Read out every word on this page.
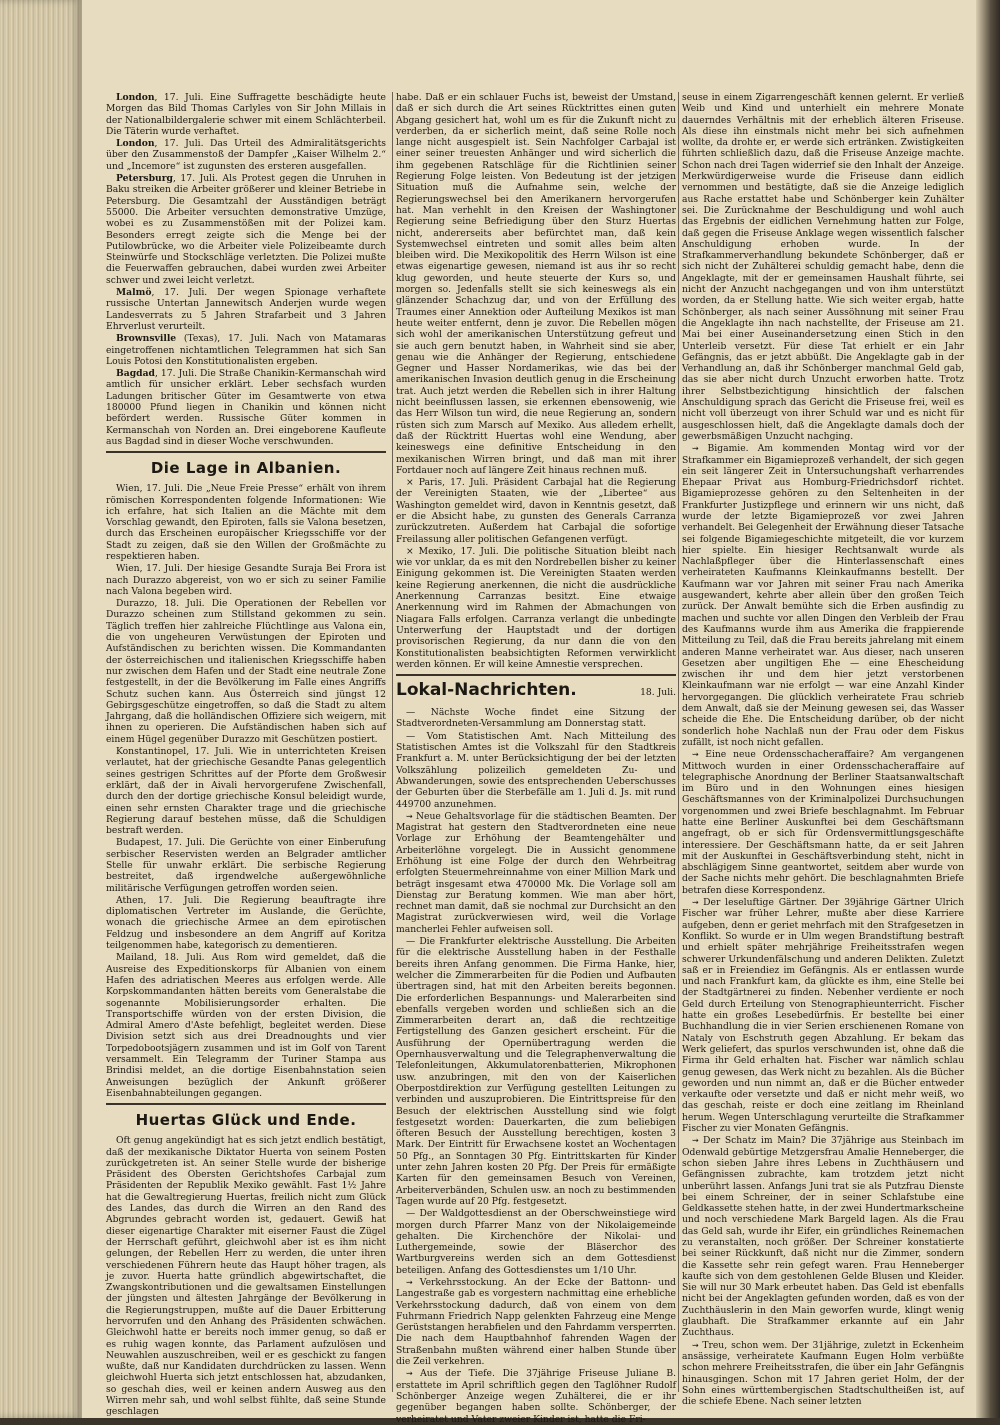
London, 17. Juli. Eine Suffragette beschädigte heute Morgen das Bild Thomas Carlyles von Sir John Millais in der Nationalbildergalerie schwer mit einem Schlächterbeil. Die Täterin wurde verhaftet.

London, 17. Juli. Das Urteil des Admiralitätsgerichts über den Zusammenstoß der Dampfer „Kaiser Wilhelm 2.“ und „Incemore“ ist zugunsten des ersteren ausgefallen.

Petersburg, 17. Juli. Als Protest gegen die Unruhen in Baku streiken die Arbeiter größerer und kleiner Betriebe in Petersburg. Die Gesamtzahl der Ausständigen beträgt 55000. Die Arbeiter versuchten demonstrative Umzüge, wobei es zu Zusammenstößen mit der Polizei kam. Besonders erregt zeigte sich die Menge bei der Putilowbrücke, wo die Arbeiter viele Polizeibeamte durch Steinwürfe und Stockschläge verletzten. Die Polizei mußte die Feuerwaffen gebrauchen, dabei wurden zwei Arbeiter schwer und zwei leicht verletzt.

Malmö, 17. Juli. Der wegen Spionage verhaftete russische Untertan Jannewitsch Anderjen wurde wegen Landesverrats zu 5 Jahren Strafarbeit und 3 Jahren Ehrverlust verurteilt.

Brownsville (Texas), 17. Juli. Nach von Matamaras eingetroffenen nichtamtlichen Telegrammen hat sich San Louis Potosi den Konstitutionalisten ergeben.

Bagdad, 17. Juli. Die Straße Chanikin-Kermanschah wird amtlich für unsicher erklärt. Leber sechsfach wurden Ladungen britischer Güter im Gesamtwerte von etwa 180000 Pfund liegen in Chanikin und können nicht befördert werden. Russische Güter kommen in Kermanschah von Norden an. Drei eingeborene Kaufleute aus Bagdad sind in dieser Woche verschwunden.

Die Lage in Albanien.

Wien, 17. Juli. Die „Neue Freie Presse“ erhält von ihrem römischen Korrespondenten folgende Informationen: Wie ich erfahre, hat sich Italien an die Mächte mit dem Vorschlag gewandt, den Epiroten, falls sie Valona besetzen, durch das Erscheinen europäischer Kriegsschiffe vor der Stadt zu zeigen, daß sie den Willen der Großmächte zu respektieren haben.

Wien, 17. Juli. Der hiesige Gesandte Suraja Bei Frora ist nach Durazzo abgereist, von wo er sich zu seiner Familie nach Valona begeben wird.

Durazzo, 18. Juli. Die Operationen der Rebellen vor Durazzo scheinen zum Stillstand gekommen zu sein. Täglich treffen hier zahlreiche Flüchtlinge aus Valona ein, die von ungeheuren Verwüstungen der Epiroten und Aufständischen zu berichten wissen. Die Kommandanten der österreichischen und italienischen Kriegsschiffe haben nur zwischen dem Hafen und der Stadt eine neutrale Zone festgestellt, in der die Bevölkerung im Falle eines Angriffs Schutz suchen kann. Aus Österreich sind jüngst 12 Gebirgsgeschütze eingetroffen, so daß die Stadt zu altem Jahrgang, daß die holländischen Offiziere sich weigern, mit ihnen zu operieren. Die Aufständischen haben sich auf einem Hügel gegenüber Durazzo mit Geschützen postiert.

Konstantinopel, 17. Juli. Wie in unterrichteten Kreisen verlautet, hat der griechische Gesandte Panas gelegentlich seines gestrigen Schrittes auf der Pforte dem Großwesir erklärt, daß der in Aivali hervorgerufene Zwischenfall, durch den der dortige griechische Konsul beleidigt wurde, einen sehr ernsten Charakter trage und die griechische Regierung darauf bestehen müsse, daß die Schuldigen bestraft werden.

Budapest, 17. Juli. Die Gerüchte von einer Einberufung serbischer Reservisten werden an Belgrader amtlicher Stelle für unwahr erklärt. Die serbische Regierung bestreitet, daß irgendwelche außergewöhnliche militärische Verfügungen getroffen worden seien.

Athen, 17. Juli. Die Regierung beauftragte ihre diplomatischen Vertreter im Auslande, die Gerüchte, wonach die griechische Armee an dem epirotischen Feldzug und insbesondere an dem Angriff auf Koritza teilgenommen habe, kategorisch zu dementieren.

Mailand, 18. Juli. Aus Rom wird gemeldet, daß die Ausreise des Expeditionskorps für Albanien von einem Hafen des adriatischen Meeres aus erfolgen werde. Alle Korpskommandanten hätten bereits vom Generalstabe die sogenannte Mobilisierungsorder erhalten. Die Transportschiffe würden von der ersten Division, die Admiral Amero d'Aste befehligt, begleitet werden. Diese Division setzt sich aus drei Dreadnoughts und vier Torpedobootsjägern zusammen und ist im Golf von Tarent versammelt. Ein Telegramm der Turiner Stampa aus Brindisi meldet, an die dortige Eisenbahnstation seien Anweisungen bezüglich der Ankunft größerer Eisenbahnabteilungen gegangen.

Huertas Glück und Ende.

Oft genug angekündigt hat es sich jetzt endlich bestätigt, daß der mexikanische Diktator Huerta von seinem Posten zurückgetreten ist. An seiner Stelle wurde der bisherige Präsident des Obersten Gerichtshofes Carbajal zum Präsidenten der Republik Mexiko gewählt. Fast 1½ Jahre hat die Gewaltregierung Huertas, freilich nicht zum Glück des Landes, das durch die Wirren an den Rand des Abgrundes gebracht worden ist, gedauert. Gewiß hat dieser eigenartige Charakter mit eiserner Faust die Zügel der Herrschaft geführt, gleichwohl aber ist es ihm nicht gelungen, der Rebellen Herr zu werden, die unter ihren verschiedenen Führern heute das Haupt höher tragen, als je zuvor. Huerta hatte gründlich abgewirtschaftet, die Zwangskontributionen und die gewaltsamen Einstellungen der jüngsten und ältesten Jahrgänge der Bevölkerung in die Regierungstruppen, mußte auf die Dauer Erbitterung hervorrufen und den Anhang des Präsidenten schwächen. Gleichwohl hatte er bereits noch immer genug, so daß er es ruhig wagen konnte, das Parlament aufzulösen und Neuwahlen auszuschreiben, weil er es geschickt zu fangen wußte, daß nur Kandidaten durchdrücken zu lassen. Wenn gleichwohl Huerta sich jetzt entschlossen hat, abzudanken, so geschah dies, weil er keinen andern Ausweg aus den Wirren mehr sah, und wohl selbst fühlte, daß seine Stunde geschlagen

habe. Daß er ein schlauer Fuchs ist, beweist der Umstand, daß er sich durch die Art seines Rücktrittes einen guten Abgang gesichert hat, wohl um es für die Zukunft nicht zu verderben, da er sicherlich meint, daß seine Rolle noch lange nicht ausgespielt ist. Sein Nachfolger Carbajal ist einer seiner treuesten Anhänger und wird sicherlich die ihm gegebenen Ratschläge für die Richtlinien seiner Regierung Folge leisten. Von Bedeutung ist der jetzigen Situation muß die Aufnahme sein, welche der Regierungswechsel bei den Amerikanern hervorgerufen hat. Man verhehlt in den Kreisen der Washingtoner Regierung seine Befriedigung über den Sturz Huertas nicht, andererseits aber befürchtet man, daß kein Systemwechsel eintreten und somit alles beim alten bleiben wird. Die Mexikopolitik des Herrn Wilson ist eine etwas eigenartige gewesen, niemand ist aus ihr so recht klug geworden, und heute steuerte der Kurs so, und morgen so. Jedenfalls stellt sie sich keineswegs als ein glänzender Schachzug dar, und von der Erfüllung des Traumes einer Annektion oder Aufteilung Mexikos ist man heute weiter entfernt, denn je zuvor. Die Rebellen mögen sich wohl der amerikanischen Unterstützung gefreut und sie auch gern benutzt haben, in Wahrheit sind sie aber, genau wie die Anhänger der Regierung, entschiedene Gegner und Hasser Nordamerikas, wie das bei der amerikanischen Invasion deutlich genug in die Erscheinung trat. Auch jetzt werden die Rebellen sich in ihrer Haltung nicht beeinflussen lassen, sie erkennen ebensowenig, wie das Herr Wilson tun wird, die neue Regierung an, sondern rüsten sich zum Marsch auf Mexiko. Aus alledem erhellt, daß der Rücktritt Huertas wohl eine Wendung, aber keineswegs eine definitive Entscheidung in den mexikanischen Wirren bringt, und daß man mit ihrer Fortdauer noch auf längere Zeit hinaus rechnen muß.

× Paris, 17. Juli. Präsident Carbajal hat die Regierung der Vereinigten Staaten, wie der „Libertee“ aus Washington gemeldet wird, davon in Kenntnis gesetzt, daß er die Absicht habe, zu gunsten des Generals Carranza zurückzutreten. Außerdem hat Carbajal die sofortige Freilassung aller politischen Gefangenen verfügt.

× Mexiko, 17. Juli. Die politische Situation bleibt nach wie vor unklar, da es mit den Nordrebellen bisher zu keiner Einigung gekommen ist. Die Vereinigten Staaten werden keine Regierung anerkennen, die nicht die ausdrückliche Anerkennung Carranzas besitzt. Eine etwaige Anerkennung wird im Rahmen der Abmachungen von Niagara Falls erfolgen. Carranza verlangt die unbedingte Unterwerfung der Hauptstadt und der dortigen provisorischen Regierung, da nur dann die von den Konstitutionalisten beabsichtigten Reformen verwirklicht werden können. Er will keine Amnestie versprechen.

Lokal-Nachrichten.	18. Juli.

— Nächste Woche findet eine Sitzung der Stadtverordneten-Versammlung am Donnerstag statt.

— Vom Statistischen Amt. Nach Mitteilung des Statistischen Amtes ist die Volkszahl für den Stadtkreis Frankfurt a. M. unter Berücksichtigung der bei der letzten Volkszählung polizeilich gemeldeten Zu- und Abwanderungen, sowie des entsprechenden Ueberschusses der Geburten über die Sterbefälle am 1. Juli d. Js. mit rund 449700 anzunehmen.

⇝ Neue Gehaltsvorlage für die städtischen Beamten. Der Magistrat hat gestern den Stadtverordneten eine neue Vorlage zur Erhöhung der Beamtengehälter und Arbeiterlöhne vorgelegt. Die in Aussicht genommene Erhöhung ist eine Folge der durch den Wehrbeitrag erfolgten Steuermehreinnahme von einer Million Mark und beträgt insgesamt etwa 470000 Mk. Die Vorlage soll am Dienstag zur Beratung kommen. Wie man aber hört, rechnet man damit, daß sie nochmal zur Durchsicht an den Magistrat zurückverwiesen wird, weil die Vorlage mancherlei Fehler aufweisen soll.

— Die Frankfurter elektrische Ausstellung. Die Arbeiten für die elektrische Ausstellung haben in der Festhalle bereits ihren Anfang genommen. Die Firma Hanke, hier, welcher die Zimmerarbeiten für die Podien und Aufbauten übertragen sind, hat mit den Arbeiten bereits begonnen. Die erforderlichen Bespannungs- und Malerarbeiten sind ebenfalls vergeben worden und schließen sich an die Zimmerarbeiten derart an, daß die rechtzeitige Fertigstellung des Ganzen gesichert erscheint. Für die Ausführung der Opernübertragung werden die Opernhausverwaltung und die Telegraphenverwaltung die Telefonleitungen, Akkumulatorenbatterien, Mikrophonen usw. anzubringen, mit den von der Kaiserlichen Oberpostdirektion zur Verfügung gestellten Leitungen zu verbinden und auszuprobieren. Die Eintrittspreise für den Besuch der elektrischen Ausstellung sind wie folgt festgesetzt worden: Dauerkarten, die zum beliebigen öfteren Besuch der Ausstellung berechtigen, kosten 3 Mark. Der Eintritt für Erwachsene kostet an Wochentagen 50 Pfg., an Sonntagen 30 Pfg. Eintrittskarten für Kinder unter zehn Jahren kosten 20 Pfg. Der Preis für ermäßigte Karten für den gemeinsamen Besuch von Vereinen, Arbeiterverbänden, Schulen usw. an noch zu bestimmenden Tagen wurde auf 20 Pfg. festgesetzt.

— Der Waldgottesdienst an der Oberschweinstiege wird morgen durch Pfarrer Manz von der Nikolaigemeinde gehalten. Die Kirchenchöre der Nikolai- und Luthergemeinde, sowie der Bläserchor des Wartburgvereins werden sich an dem Gottesdienst beteiligen. Anfang des Gottesdienstes um 1/10 Uhr.

⇝ Verkehrsstockung. An der Ecke der Battonn- und Langestraße gab es vorgestern nachmittag eine erhebliche Verkehrsstockung dadurch, daß von einem von dem Fuhrmann Friedrich Napp gelenkten Fahrzeug eine Menge Gerüststangen herabfielen und den Fahrdamm versperrten. Die nach dem Hauptbahnhof fahrenden Wagen der Straßenbahn mußten während einer halben Stunde über die Zeil verkehren.

⇝ Aus der Tiefe. Die 37jährige Friseuse Juliane B. erstattete im April schriftlich gegen den Taglöhner Rudolf Schönberger Anzeige wegen Zuhälterei, die er ihr gegenüber begangen haben sollte. Schönberger, der verheiratet und Vater zweier Kinder ist, hatte die Fri-

seuse in einem Zigarrengeschäft kennen gelernt. Er verließ Weib und Kind und unterhielt ein mehrere Monate dauerndes Verhältnis mit der erheblich älteren Friseuse. Als diese ihn einstmals nicht mehr bei sich aufnehmen wollte, da drohte er, er werde sich ertränken. Zwistigkeiten führten schließlich dazu, daß die Friseuse Anzeige machte. Schon nach drei Tagen widerrief sie den Inhalt der Anzeige. Merkwürdigerweise wurde die Friseuse dann eidlich vernommen und bestätigte, daß sie die Anzeige lediglich aus Rache erstattet habe und Schönberger kein Zuhälter sei. Die Zurücknahme der Beschuldigung und wohl auch das Ergebnis der eidlichen Vernehmung hatten zur Folge, daß gegen die Friseuse Anklage wegen wissentlich falscher Anschuldigung erhoben wurde. In der Strafkammerverhandlung bekundete Schönberger, daß er sich nicht der Zuhälterei schuldig gemacht habe, denn die Angeklagte, mit der er gemeinsamen Haushalt führte, sei nicht der Anzucht nachgegangen und von ihm unterstützt worden, da er Stellung hatte. Wie sich weiter ergab, hatte Schönberger, als nach seiner Aussöhnung mit seiner Frau die Angeklagte ihn nach nachstellte, der Friseuse am 21. Mai bei einer Auseinandersetzung einen Stich in den Unterleib versetzt. Für diese Tat erhielt er ein Jahr Gefängnis, das er jetzt abbüßt. Die Angeklagte gab in der Verhandlung an, daß ihr Schönberger manchmal Geld gab, das sie aber nicht durch Unzucht erworben hatte. Trotz ihrer Selbstbezichtigung hinsichtlich der falschen Anschuldigung sprach das Gericht die Friseuse frei, weil es nicht voll überzeugt von ihrer Schuld war und es nicht für ausgeschlossen hielt, daß die Angeklagte damals doch der gewerbsmäßigen Unzucht nachging.

⇝ Bigamie. Am kommenden Montag wird vor der Strafkammer ein Bigamieprozeß verhandelt, der sich gegen ein seit längerer Zeit in Untersuchungshaft verharrendes Ehepaar Privat aus Homburg-Friedrichsdorf richtet. Bigamieprozesse gehören zu den Seltenheiten in der Frankfurter Justizpflege und erinnern wir uns nicht, daß wurde der letzte Bigamieprozeß vor zwei Jahren verhandelt. Bei Gelegenheit der Erwähnung dieser Tatsache sei folgende Bigamiegeschichte mitgeteilt, die vor kurzem hier spielte. Ein hiesiger Rechtsanwalt wurde als Nachlaßpfleger über die Hinterlassenschaft eines verheirateten Kaufmanns Kleinkaufmanns bestellt. Der Kaufmann war vor Jahren mit seiner Frau nach Amerika ausgewandert, kehrte aber allein über den großen Teich zurück. Der Anwalt bemühte sich die Erben ausfindig zu machen und suchte vor allen Dingen den Verbleib der Frau des Kaufmanns wurde ihm aus Amerika die frappierende Mitteilung zu Teil, daß die Frau bereits jahrelang mit einem anderen Manne verheiratet war. Aus dieser, nach unseren Gesetzen aber ungiltigen Ehe — eine Ehescheidung zwischen ihr und dem hier jetzt verstorbenen Kleinkaufmann war nie erfolgt — war eine Anzahl Kinder hervorgegangen. Die glücklich verheiratete Frau schrieb dem Anwalt, daß sie der Meinung gewesen sei, das Wasser scheide die Ehe. Die Entscheidung darüber, ob der nicht sonderlich hohe Nachlaß nun der Frau oder dem Fiskus zufällt, ist noch nicht gefallen.

⇝ Eine neue Ordensschacheraffaire? Am vergangenen Mittwoch wurden in einer Ordensschacheraffaire auf telegraphische Anordnung der Berliner Staatsanwaltschaft im Büro und in den Wohnungen eines hiesigen Geschäftsmannes von der Kriminalpolizei Durchsuchungen vorgenommen und zwei Briefe beschlagnahmt. Im Februar hatte eine Berliner Auskunftei bei dem Geschäftsmann angefragt, ob er sich für Ordensvermittlungsgeschäfte interessiere. Der Geschäftsmann hatte, da er seit Jahren mit der Auskunftei in Geschäftsverbindung steht, nicht in abschlägigem Sinne geantwortet, seitdem aber wurde von der Sache nichts mehr gehört. Die beschlagnahmten Briefe betrafen diese Korrespondenz.

⇝ Der leseluftige Gärtner. Der 39jährige Gärtner Ulrich Fischer war früher Lehrer, mußte aber diese Karriere aufgeben, denn er geriet mehrfach mit den Strafgesetzen in Konflikt. So wurde er in Ulm wegen Brandstiftung bestraft und erhielt später mehrjährige Freiheitsstrafen wegen schwerer Urkundenfälschung und anderen Delikten. Zuletzt saß er in Freiendiez im Gefängnis. Als er entlassen wurde und nach Frankfurt kam, da glückte es ihm, eine Stelle bei der Stadtgärtnerei zu finden. Nebenher verdiente er noch Geld durch Erteilung von Stenographieunterricht. Fischer hatte ein großes Lesebedürfnis. Er bestellte bei einer Buchhandlung die in vier Serien erschienenen Romane von Nataly von Eschstruth gegen Abzahlung. Er bekam das Werk geliefert, das spurlos verschwunden ist, ohne daß die Firma ihr Geld erhalten hat. Fischer war nämlich schlau genug gewesen, das Werk nicht zu bezahlen. Als die Bücher geworden und nun nimmt an, daß er die Bücher entweder verkaufte oder versetzte und daß er nicht mehr weiß, wo das geschah, reiste er doch eine zeitlang im Rheinland herum. Wegen Unterschlagung verurteilte die Strafkammer Fischer zu vier Monaten Gefängnis.

⇝ Der Schatz im Main? Die 37jährige aus Steinbach im Odenwald gebürtige Metzgersfrau Amalie Henneberger, die schon sieben Jahre ihres Lebens in Zuchthäusern und Gefängnissen zubrachte, kam trotzdem jetzt nicht unberührt lassen. Anfangs Juni trat sie als Putzfrau Dienste bei einem Schreiner, der in seiner Schlafstube eine Geldkassette stehen hatte, in der zwei Hundertmarkscheine und noch verschiedene Mark Bargeld lagen. Als die Frau das Geld sah, wurde ihr Eifer, ein gründliches Reinemachen zu veranstalten, noch größer. Der Schreiner konstatierte bei seiner Rückkunft, daß nicht nur die Zimmer, sondern die Kassette sehr rein gefegt waren. Frau Henneberger kaufte sich von dem gestohlenen Gelde Blusen und Kleider. Sie will nur 30 Mark erbeutet haben. Das Geld ist ebenfalls nicht bei der Angeklagten gefunden worden, daß es von der Zuchthäuslerin in den Main geworfen wurde, klingt wenig glaubhaft. Die Strafkammer erkannte auf ein Jahr Zuchthaus.

⇝ Treu, schon wem. Der 31jährige, zuletzt in Eckenheim ansässige, verheiratete Kaufmann Eugen Holm verbüßte schon mehrere Freiheitsstrafen, die über ein Jahr Gefängnis hinausgingen. Schon mit 17 Jahren geriet Holm, der der Sohn eines württembergischen Stadtschultheißen ist, auf die schiefe Ebene. Nach seiner letzten
